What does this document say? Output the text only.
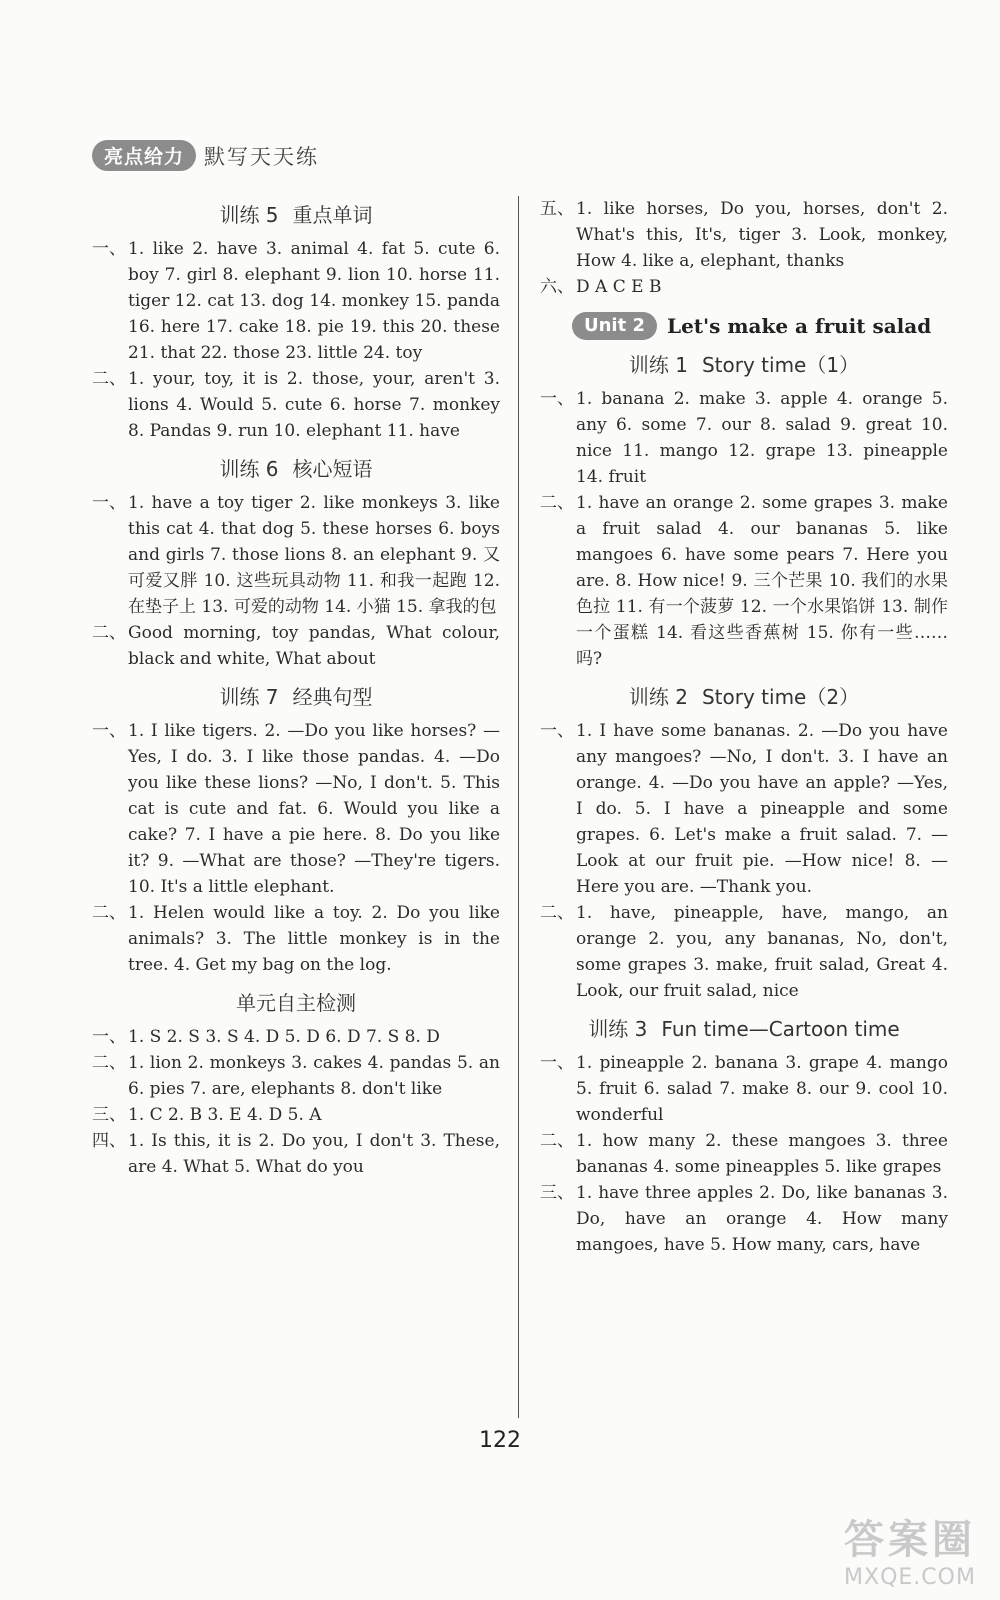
亮点给力 默写天天练
训练 5 重点单词
一、 1. like 2. have 3. animal 4. fat 5. cute 6. boy 7. girl 8. elephant 9. lion 10. horse 11. tiger 12. cat 13. dog 14. monkey 15. panda 16. here 17. cake 18. pie 19. this 20. these 21. that 22. those 23. little 24. toy
二、 1. your, toy, it is 2. those, your, aren't 3. lions 4. Would 5. cute 6. horse 7. monkey 8. Pandas 9. run 10. elephant 11. have
训练 6 核心短语
一、 1. have a toy tiger 2. like monkeys 3. like this cat 4. that dog 5. these horses 6. boys and girls 7. those lions 8. an elephant 9. 又可爱又胖 10. 这些玩具动物 11. 和我一起跑 12. 在垫子上 13. 可爱的动物 14. 小猫 15. 拿我的包
二、 Good morning, toy pandas, What colour, black and white, What about
训练 7 经典句型
一、 1. I like tigers. 2. —Do you like horses? —Yes, I do. 3. I like those pandas. 4. —Do you like these lions? —No, I don't. 5. This cat is cute and fat. 6. Would you like a cake? 7. I have a pie here. 8. Do you like it? 9. —What are those? —They're tigers. 10. It's a little elephant.
二、 1. Helen would like a toy. 2. Do you like animals? 3. The little monkey is in the tree. 4. Get my bag on the log.
单元自主检测
一、 1. S 2. S 3. S 4. D 5. D 6. D 7. S 8. D
二、 1. lion 2. monkeys 3. cakes 4. pandas 5. an 6. pies 7. are, elephants 8. don't like
三、 1. C 2. B 3. E 4. D 5. A
四、 1. Is this, it is 2. Do you, I don't 3. These, are 4. What 5. What do you
五、 1. like horses, Do you, horses, don't 2. What's this, It's, tiger 3. Look, monkey, How 4. like a, elephant, thanks
六、 D A C E B
Unit 2	Let's make a fruit salad
训练 1 Story time（1）
一、 1. banana 2. make 3. apple 4. orange 5. any 6. some 7. our 8. salad 9. great 10. nice 11. mango 12. grape 13. pineapple 14. fruit
二、 1. have an orange 2. some grapes 3. make a fruit salad 4. our bananas 5. like mangoes 6. have some pears 7. Here you are. 8. How nice! 9. 三个芒果 10. 我们的水果色拉 11. 有一个菠萝 12. 一个水果馅饼 13. 制作一个蛋糕 14. 看这些香蕉树 15. 你有一些……吗?
训练 2 Story time（2）
一、 1. I have some bananas. 2. —Do you have any mangoes? —No, I don't. 3. I have an orange. 4. —Do you have an apple? —Yes, I do. 5. I have a pineapple and some grapes. 6. Let's make a fruit salad. 7. —Look at our fruit pie. —How nice! 8. —Here you are. —Thank you.
二、 1. have, pineapple, have, mango, an orange 2. you, any bananas, No, don't, some grapes 3. make, fruit salad, Great 4. Look, our fruit salad, nice
训练 3 Fun time—Cartoon time
一、 1. pineapple 2. banana 3. grape 4. mango 5. fruit 6. salad 7. make 8. our 9. cool 10. wonderful
二、 1. how many 2. these mangoes 3. three bananas 4. some pineapples 5. like grapes
三、 1. have three apples 2. Do, like bananas 3. Do, have an orange 4. How many mangoes, have 5. How many, cars, have
122
答案圈
MXQE.COM
